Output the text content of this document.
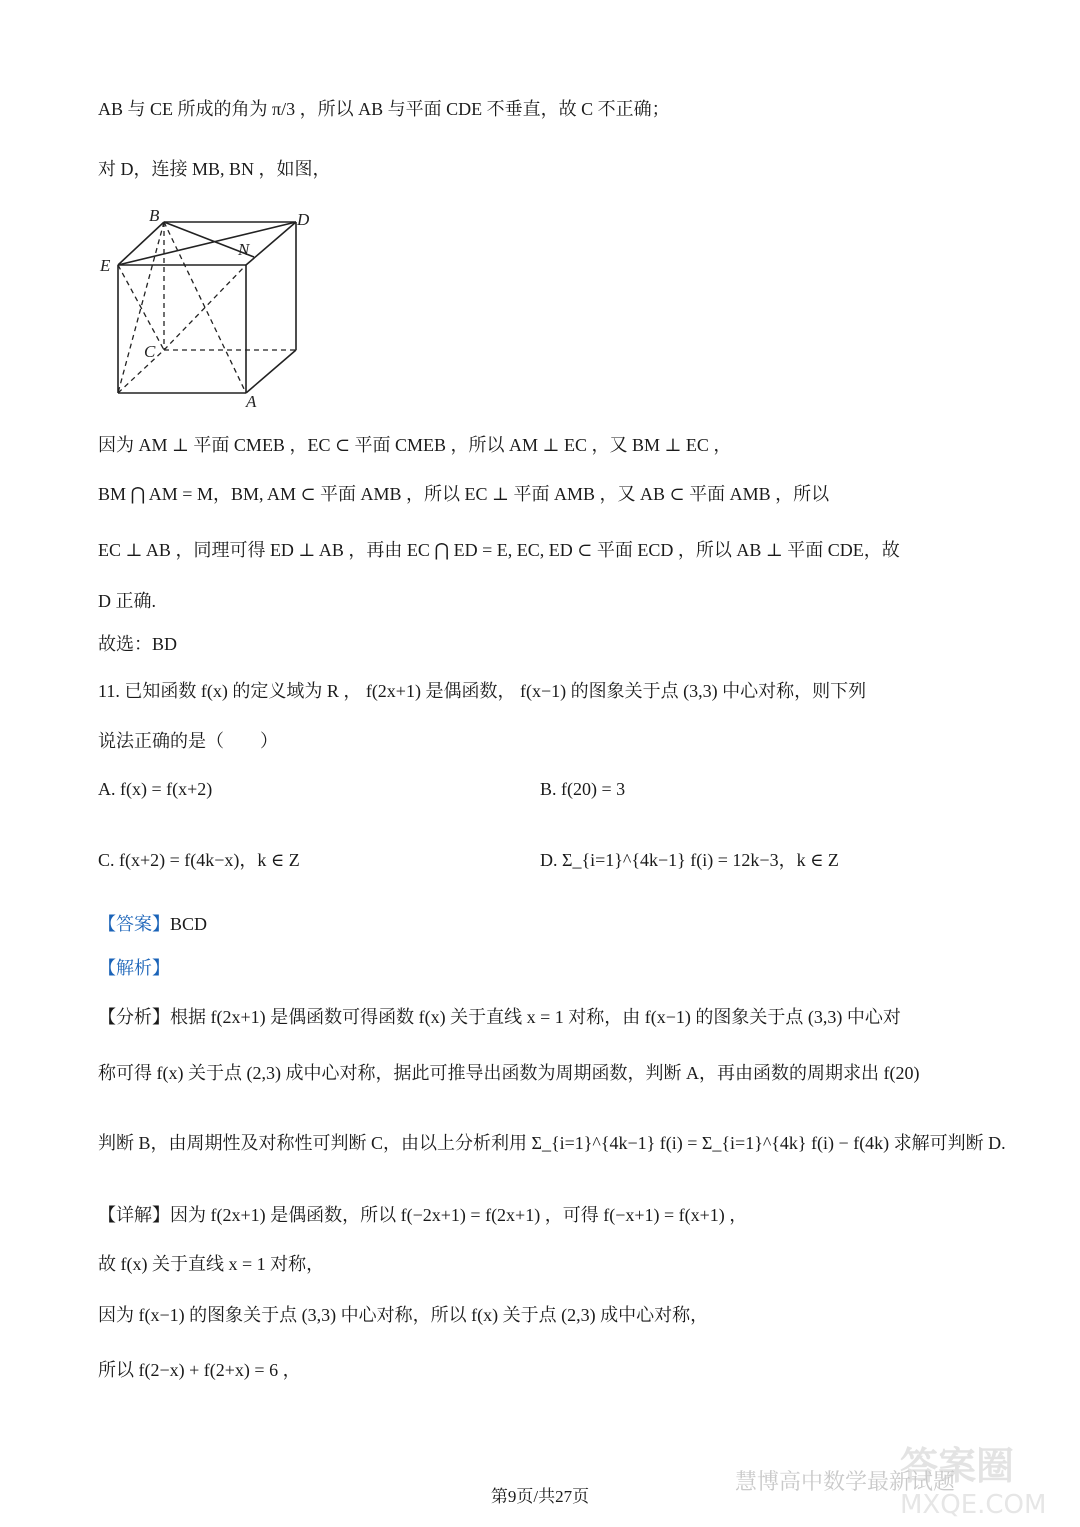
AB 与 CE 所成的角为 π/3 ，所以 AB 与平面 CDE 不垂直，故 C 不正确；
对 D，连接 MB, BN ，如图，
B	D
E
N
C
A
因为 AM ⊥ 平面 CMEB ，EC ⊂ 平面 CMEB ，所以 AM ⊥ EC ，又 BM ⊥ EC ，
BM ⋂ AM = M，BM, AM ⊂ 平面 AMB ，所以 EC ⊥ 平面 AMB ，又 AB ⊂ 平面 AMB ，所以
EC ⊥ AB ，同理可得 ED ⊥ AB ，再由 EC ⋂ ED = E, EC, ED ⊂ 平面 ECD ，所以 AB ⊥ 平面 CDE，故
D 正确.
故选：BD
11. 已知函数 f(x) 的定义域为 R ， f(2x+1) 是偶函数， f(x−1) 的图象关于点 (3,3) 中心对称，则下列
说法正确的是（　　）
A. f(x) = f(x+2)	B. f(20) = 3
C. f(x+2) = f(4k−x)，k ∈ Z	D. Σ_{i=1}^{4k−1} f(i) = 12k−3，k ∈ Z
【答案】BCD
【解析】
【分析】根据 f(2x+1) 是偶函数可得函数 f(x) 关于直线 x = 1 对称，由 f(x−1) 的图象关于点 (3,3) 中心对
称可得 f(x) 关于点 (2,3) 成中心对称，据此可推导出函数为周期函数，判断 A，再由函数的周期求出 f(20)
判断 B，由周期性及对称性可判断 C，由以上分析利用 Σ_{i=1}^{4k−1} f(i) = Σ_{i=1}^{4k} f(i) − f(4k) 求解可判断 D.
【详解】因为 f(2x+1) 是偶函数，所以 f(−2x+1) = f(2x+1) ，可得 f(−x+1) = f(x+1) ，
故 f(x) 关于直线 x = 1 对称，
因为 f(x−1) 的图象关于点 (3,3) 中心对称，所以 f(x) 关于点 (2,3) 成中心对称，
所以 f(2−x) + f(2+x) = 6 ，
答案圈
慧博高中数学最新试题
MXQE.COM
第9页/共27页
